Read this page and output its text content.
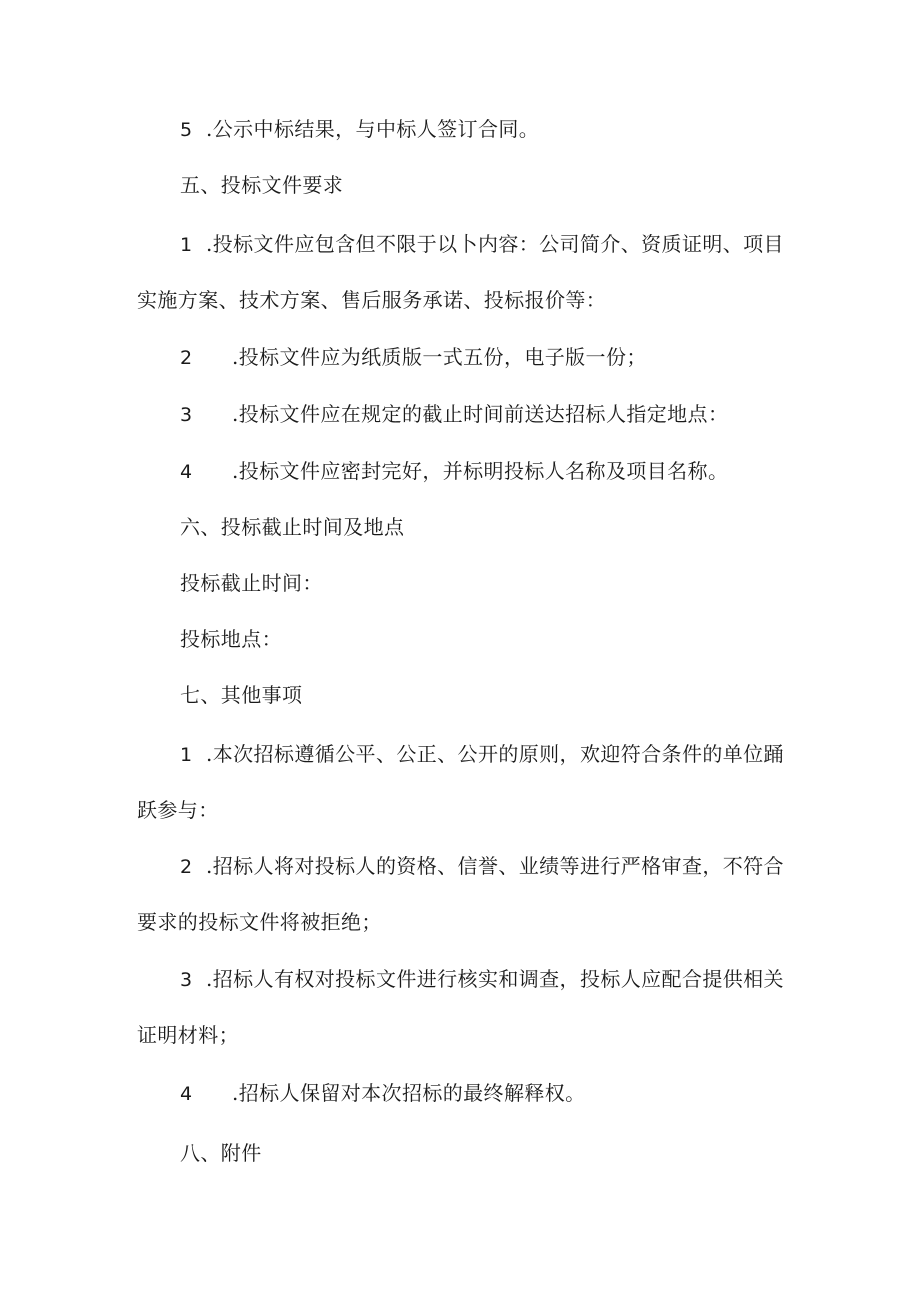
5 .公示中标结果，与中标人签订合同。
五、投标文件要求
1 .投标文件应包含但不限于以卜内容：公司简介、资质证明、项目
实施方案、技术方案、售后服务承诺、投标报价等：
2 .投标文件应为纸质版一式五份，电子版一份；
3 .投标文件应在规定的截止时间前送达招标人指定地点：
4 .投标文件应密封完好，并标明投标人名称及项目名称。
六、投标截止时间及地点
投标截止时间：
投标地点：
七、其他事项
1 .本次招标遵循公平、公正、公开的原则，欢迎符合条件的单位踊
跃参与：
2 .招标人将对投标人的资格、信誉、业绩等进行严格审查，不符合
要求的投标文件将被拒绝；
3 .招标人有权对投标文件进行核实和调查，投标人应配合提供相关
证明材料；
4 .招标人保留对本次招标的最终解释权。
八、附件
